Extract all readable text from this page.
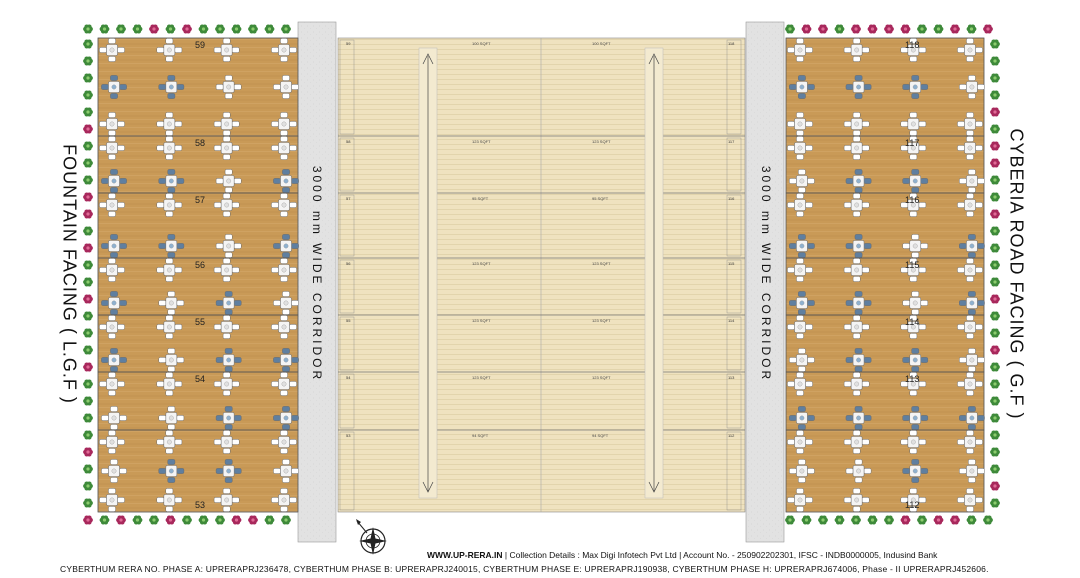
59
58
57
56
55
54
53
118
117
116
115
114
113
112
59	118
100 SQFT	100 SQFT
58	117
123 SQFT	123 SQFT
57	116
95 SQFT	95 SQFT
56	115
123 SQFT	123 SQFT
55	114
123 SQFT	123 SQFT
54	113
123 SQFT	123 SQFT
53	112
94 SQFT	94 SQFT
FOUNTAIN FACING ( L.G.F )	CYBERIA ROAD FACING ( G.F )
3000 mm WIDE CORRIDOR	3000 mm WIDE CORRIDOR
WWW.UP-RERA.IN | Collection Details : Max Digi Infotech Pvt Ltd | Account No. - 250902202301, IFSC - INDB0000005, Indusind Bank
CYBERTHUM RERA NO. PHASE A: UPRERAPRJ236478, CYBERTHUM PHASE B: UPRERAPRJ240015, CYBERTHUM PHASE E: UPRERAPRJ190938, CYBERTHUM PHASE H: UPRERAPRJ674006, Phase - II UPRERAPRJ452606.
